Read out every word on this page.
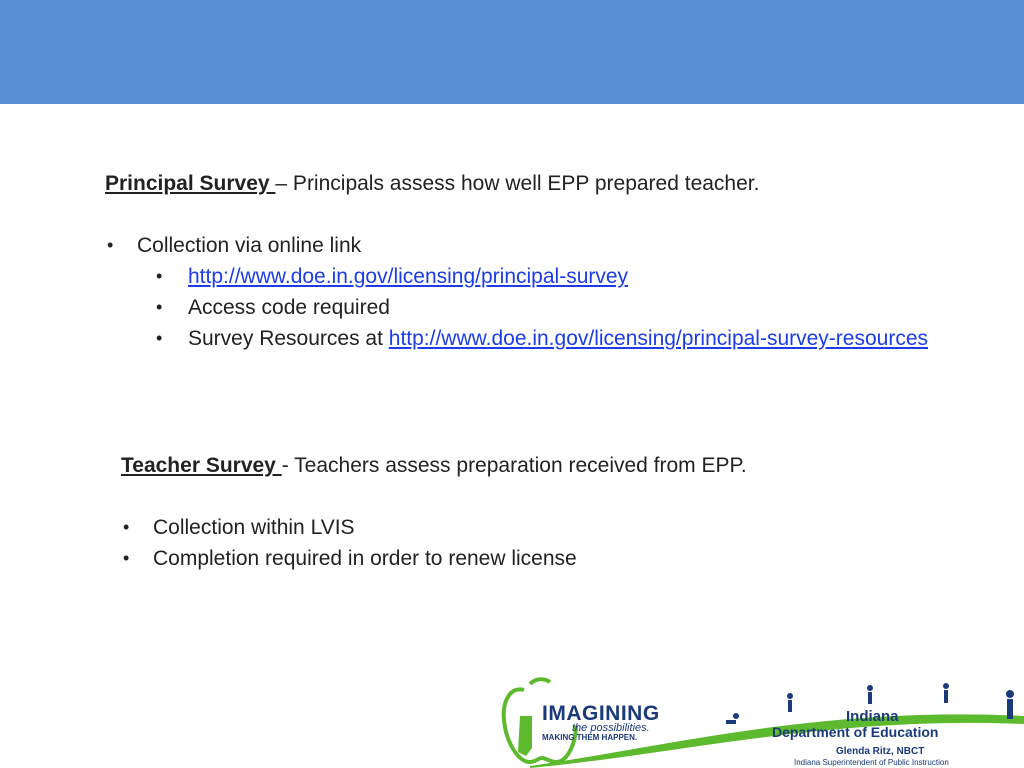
Principal Survey – Principals assess how well EPP prepared teacher.
• Collection via online link
• http://www.doe.in.gov/licensing/principal-survey
• Access code required
• Survey Resources at http://www.doe.in.gov/licensing/principal-survey-resources
Teacher Survey - Teachers assess preparation received from EPP.
• Collection within LVIS
• Completion required in order to renew license
IMAGINING
the possibilities.
MAKING THEM HAPPEN.
Indiana
Department of Education
Glenda Ritz, NBCT
Indiana Superintendent of Public Instruction
